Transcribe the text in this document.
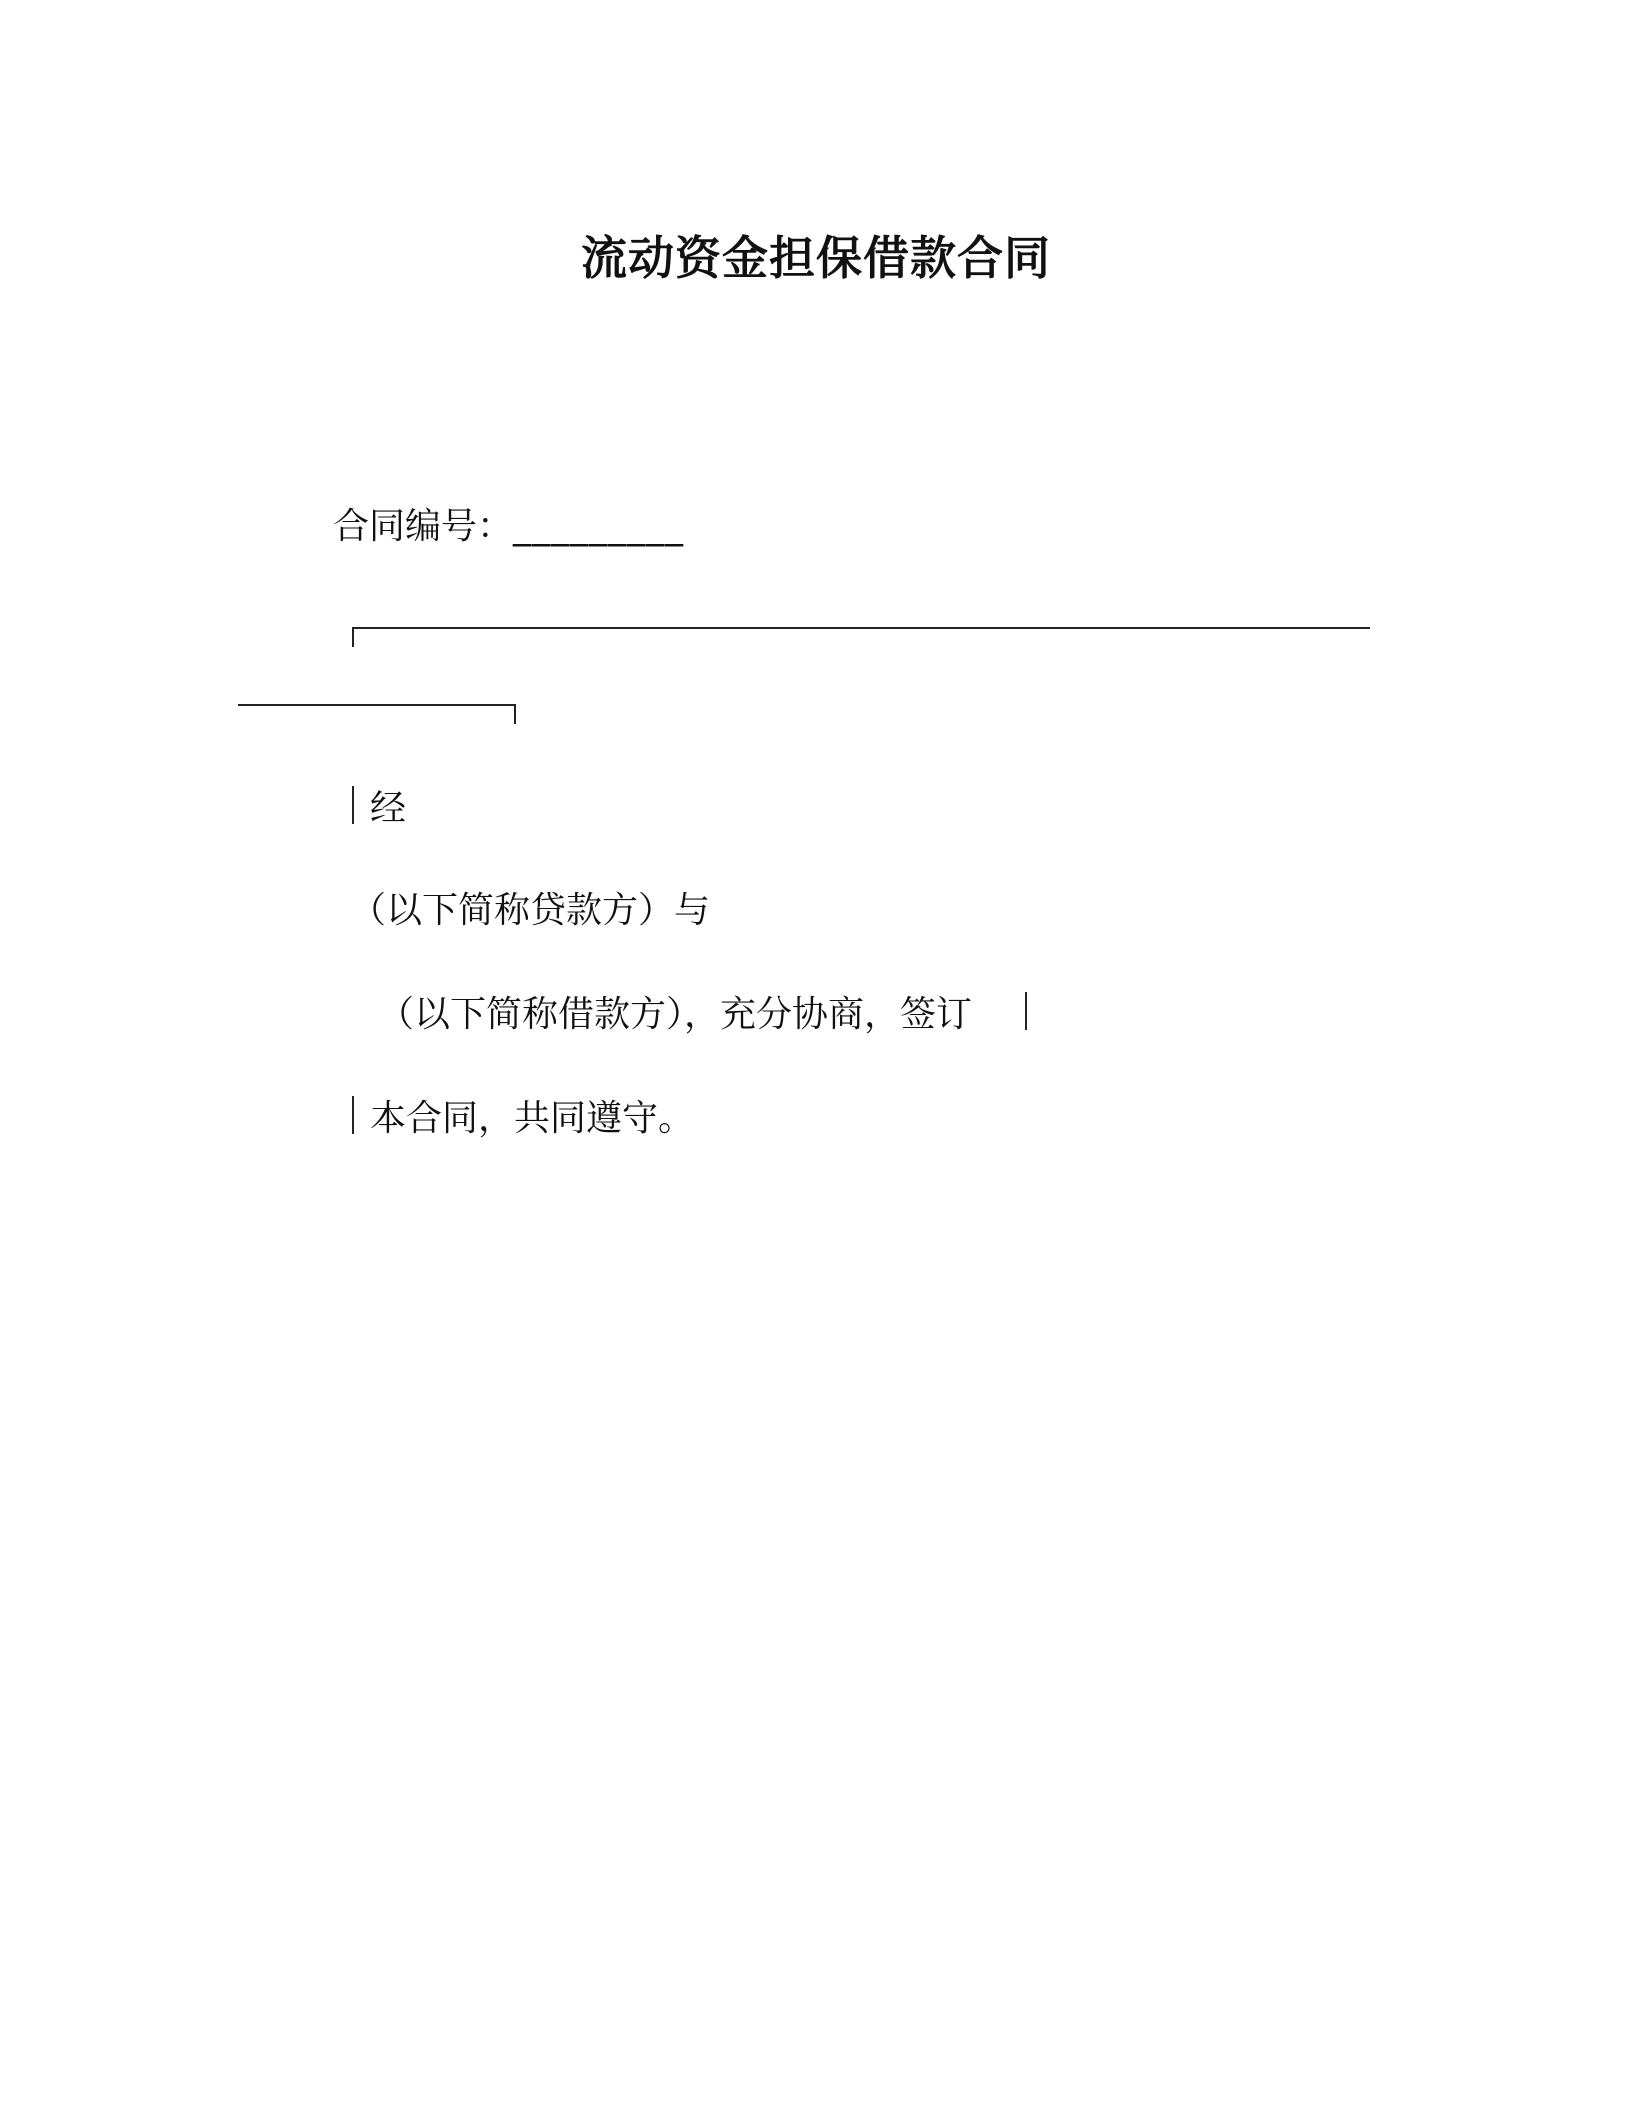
流动资金担保借款合同
合同编号：_________
经
（以下简称贷款方）与
（以下简称借款方），充分协商，签订
本合同，共同遵守。
